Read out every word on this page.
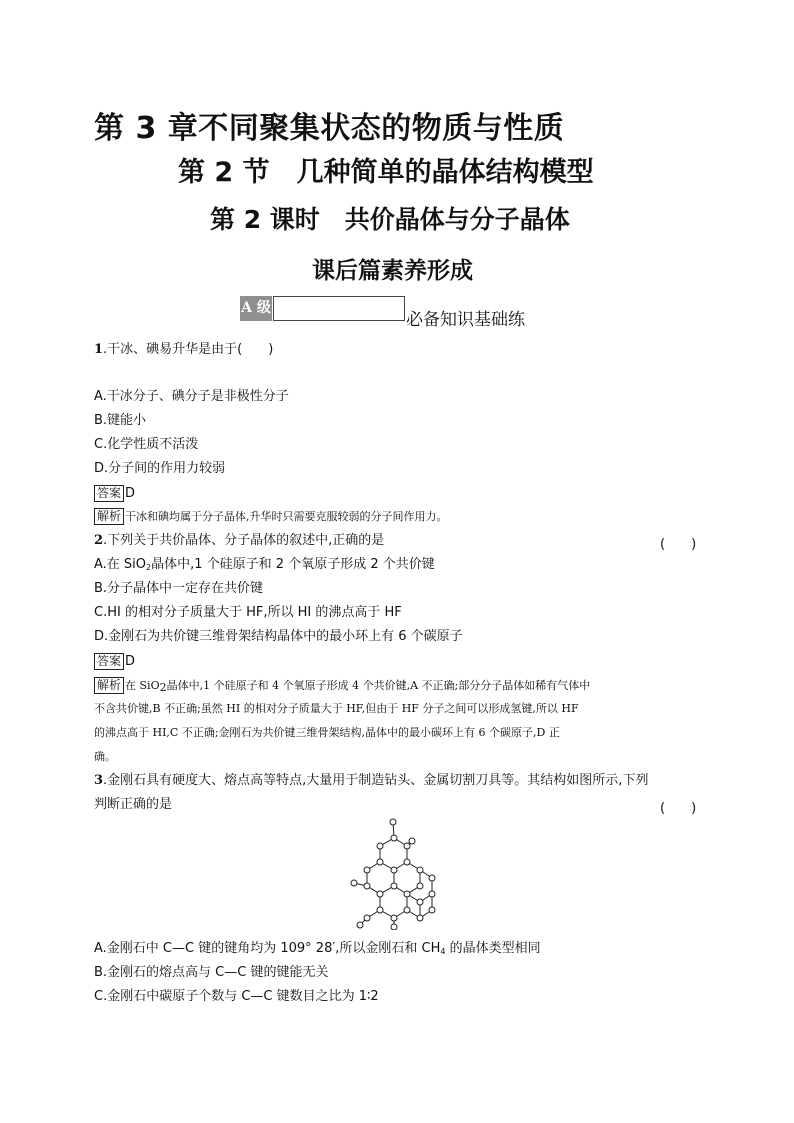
第 3 章不同聚集状态的物质与性质
第 2 节　几种简单的晶体结构模型
第 2 课时　共价晶体与分子晶体
课后篇素养形成
A 级
必备知识基础练
1.干冰、碘易升华是由于(　　)
A.干冰分子、碘分子是非极性分子
B.键能小
C.化学性质不活泼
D.分子间的作用力较弱
答案 D
解析 干冰和碘均属于分子晶体,升华时只需要克服较弱的分子间作用力。
2.下列关于共价晶体、分子晶体的叙述中,正确的是	(　　)
A.在 SiO$_2$晶体中,1 个硅原子和 2 个氧原子形成 2 个共价键
B.分子晶体中一定存在共价键
C.HI 的相对分子质量大于 HF,所以 HI 的沸点高于 HF
D.金刚石为共价键三维骨架结构晶体中的最小环上有 6 个碳原子
答案 D
解析 在 SiO$_2$晶体中,1 个硅原子和 4 个氧原子形成 4 个共价键,A 不正确;部分分子晶体如稀有气体中
不含共价键,B 不正确;虽然 HI 的相对分子质量大于 HF,但由于 HF 分子之间可以形成氢键,所以 HF
的沸点高于 HI,C 不正确;金刚石为共价键三维骨架结构,晶体中的最小碳环上有 6 个碳原子,D 正
确。
3.金刚石具有硬度大、熔点高等特点,大量用于制造钻头、金属切割刀具等。其结构如图所示,下列
判断正确的是	(　　)
A.金刚石中 C—C 键的键角均为 109° 28′,所以金刚石和 $CH_4$ 的晶体类型相同
B.金刚石的熔点高与 C—C 键的键能无关
C.金刚石中碳原子个数与 C—C 键数目之比为 1∶2
